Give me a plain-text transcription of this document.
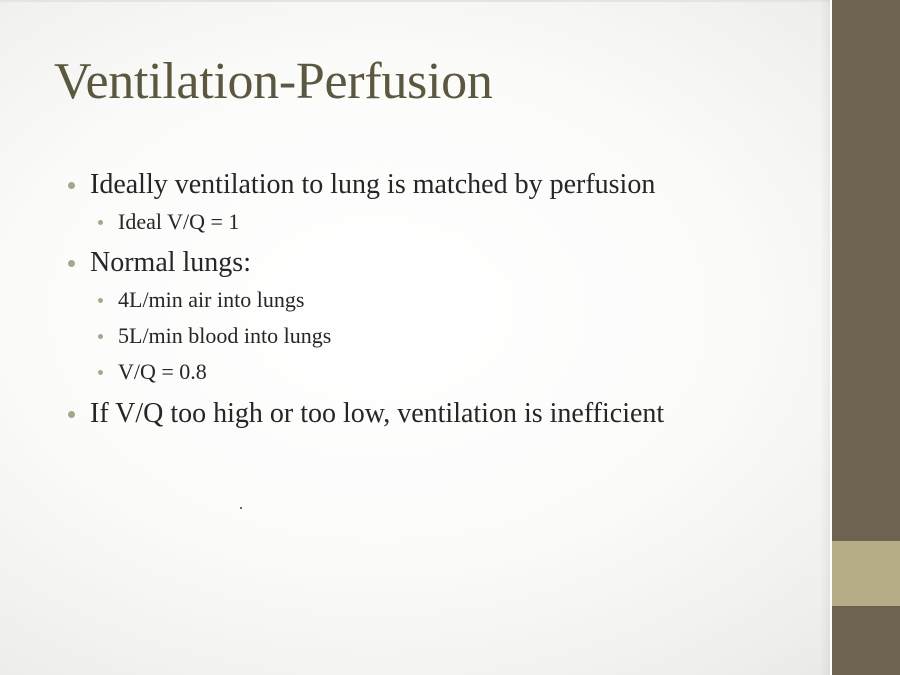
Ventilation-Perfusion
Ideally ventilation to lung is matched by perfusion
Ideal V/Q = 1
Normal lungs:
4L/min air into lungs
5L/min blood into lungs
V/Q = 0.8
If V/Q too high or too low, ventilation is inefficient
